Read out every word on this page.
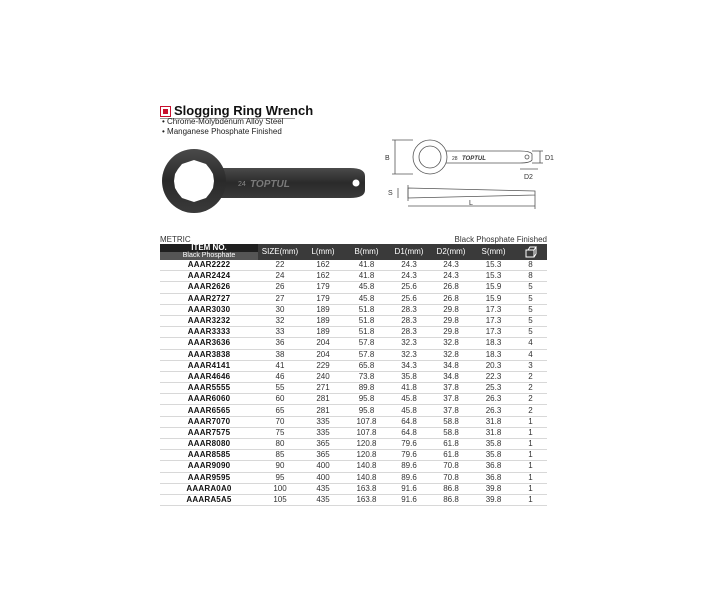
Slogging Ring Wrench
• Chrome-Molybdenum Alloy Steel
• Manganese Phosphate Finished
24 TOPTUL
B	D1
D2
S
L
28 TOPTUL
METRIC	Black Phosphate Finished
ITEM NO.
Black Phosphate	SIZE(mm)	L(mm)	B(mm)	D1(mm)	D2(mm)	S(mm)	
AAAR2222	22	162	41.8	24.3	24.3	15.3	8
AAAR2424	24	162	41.8	24.3	24.3	15.3	8
AAAR2626	26	179	45.8	25.6	26.8	15.9	5
AAAR2727	27	179	45.8	25.6	26.8	15.9	5
AAAR3030	30	189	51.8	28.3	29.8	17.3	5
AAAR3232	32	189	51.8	28.3	29.8	17.3	5
AAAR3333	33	189	51.8	28.3	29.8	17.3	5
AAAR3636	36	204	57.8	32.3	32.8	18.3	4
AAAR3838	38	204	57.8	32.3	32.8	18.3	4
AAAR4141	41	229	65.8	34.3	34.8	20.3	3
AAAR4646	46	240	73.8	35.8	34.8	22.3	2
AAAR5555	55	271	89.8	41.8	37.8	25.3	2
AAAR6060	60	281	95.8	45.8	37.8	26.3	2
AAAR6565	65	281	95.8	45.8	37.8	26.3	2
AAAR7070	70	335	107.8	64.8	58.8	31.8	1
AAAR7575	75	335	107.8	64.8	58.8	31.8	1
AAAR8080	80	365	120.8	79.6	61.8	35.8	1
AAAR8585	85	365	120.8	79.6	61.8	35.8	1
AAAR9090	90	400	140.8	89.6	70.8	36.8	1
AAAR9595	95	400	140.8	89.6	70.8	36.8	1
AAARA0A0	100	435	163.8	91.6	86.8	39.8	1
AAARA5A5	105	435	163.8	91.6	86.8	39.8	1
